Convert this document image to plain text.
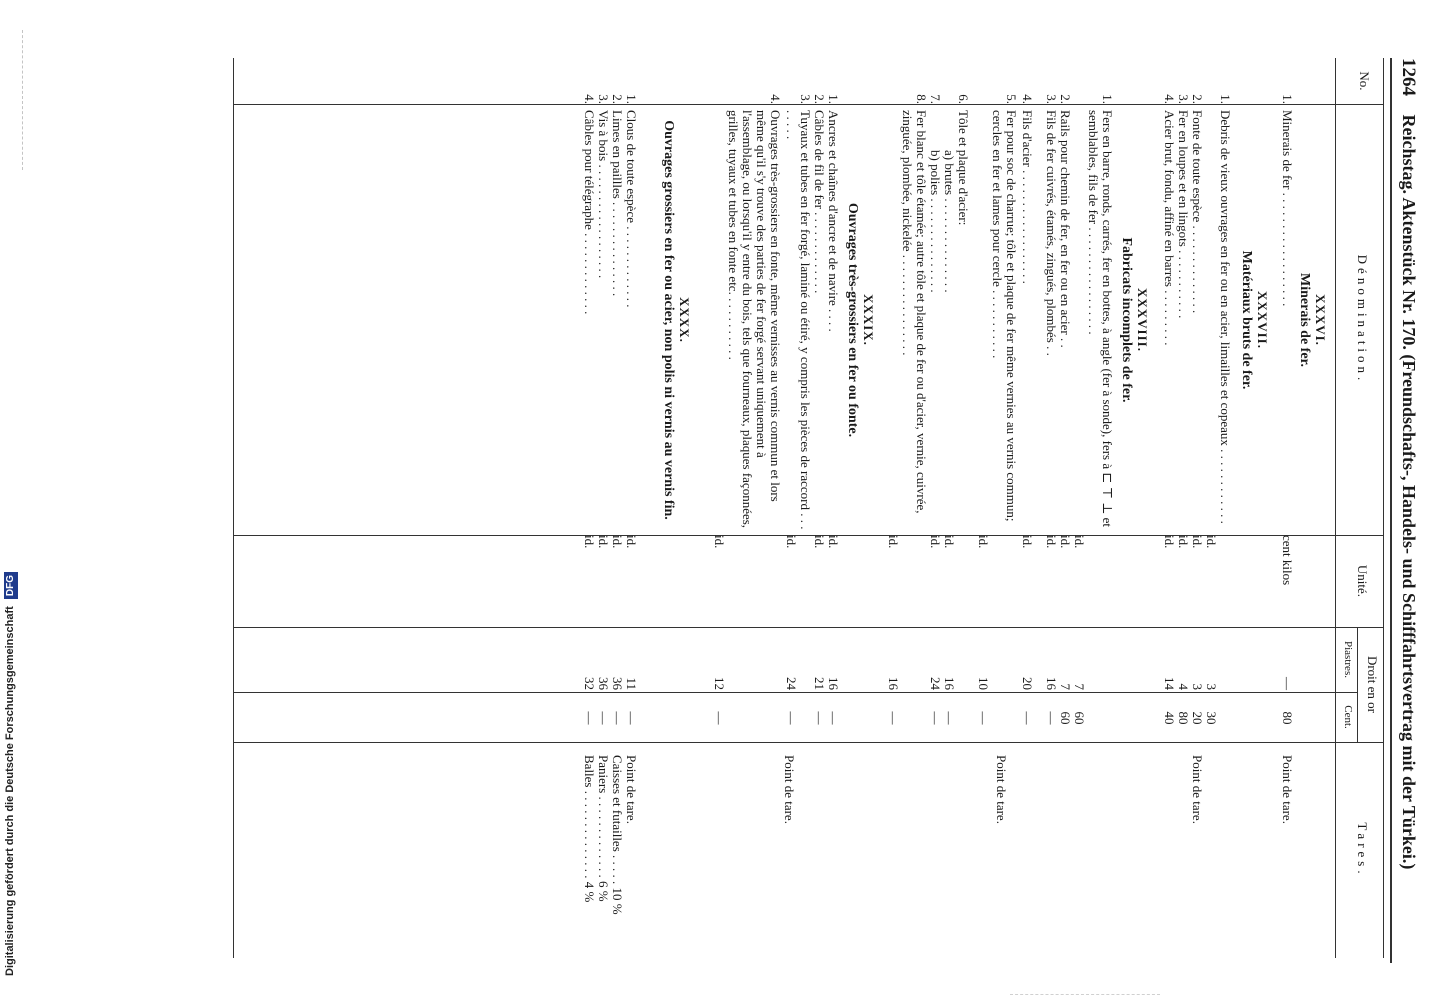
Digitalisierung gefördert durch die Deutsche Forschungsgemeinschaft DFG
1264 Reichstag. Aktenstück Nr. 170. (Freundschafts-, Handels- und Schifffahrtsvertrag mit der Türkei.)
No.
Dénomination.
Unité.
Droit en or
Piastres.
Cent.
Tares.
XXXVI.
Minerais de fer.
1.
Minerais de fer . . . . . . . . . . . . . . . . . .
cent kilos
—
80
Point de tare.
XXXVII.
Matériaux bruts de fer.
1.
Debris de vieux ouvrages en fer ou en acier, limailles et copeaux . . . . . . . . . . . .
id.
3
30
2.
Fonte de toute espèce . . . . . . . . . . . . . .
id.
3
20
Point de tare.
3.
Fer en loupes et en lingots . . . . . . . . . . .
id.
4
80
4.
Acier brut, fondu, affiné en barres . . . . . . . . .
id.
14
40
XXXVIII.
Fabricats incomplets de fer.
1.
Fers en barre, ronds, carrés, fer en bottes, à angle (fer à sonde), fers à ⊏ ⊤ ⊥ et semblables, fils de fer . . . . . . . . . . . . . . . . .
id.
7
60
2.
Rails pour chemin de fer, en fer ou en acier . .
id.
7
60
3.
Fils de fer cuivrés, étamés, zingués, plombés . .
id.
16
—
4.
Fils d'acier . . . . . . . . . . . . . . . . . .
id.
20
—
5.
Fer pour soc de charrue; tôle et plaque de fer même vernies au vernis commun; cercles en fer et lames pour cercle . . . . . . . . . . .
id.
10
—
Point de tare.
6.
Tôle et plaque d'acier:
a) brutes . . . . . . . . . . . . . . .
id.
16
—
7.
b) polies . . . . . . . . . . . . . . .
id.
24
—
8.
Fer blanc et tôle étamée; autre tôle et plaque de fer ou d'acier, vernie, cuivrée, zinguée, plombée, nickelée . . . . . . . . . . . . . . . .
id.
16
—
XXXIX.
Ouvrages très-grossiers en fer ou fonte.
1.
Ancres et chaînes d'ancre et de navire . . . .
id.
16
—
2.
Câbles de fil de fer . . . . . . . . . . . . .
id.
21
—
3.
Tuyaux et tubes en fer forgé, laminé ou étiré, y compris les pièces de raccord . . . . . . . .
id.
24
—
Point de tare.
4.
Ouvrages très-grossiers en fonte, même vernisses au vernis commun et lors même qu'il s'y trouve des parties de fer forgé servant uniquement à l'assemblage, ou lorsqu'il y entre du bois, tels que fourneaux, plaques façonnées, grilles, tuyaux et tubes en fonte etc. . . . . . . . . . .
id.
12
—
XXXX.
Ouvrages grossiers en fer ou acier, non polis ni vernis au vernis fin.
1.
Clous de toute espèce . . . . . . . . . . . . .
id.
11
—
Point de tare.
2.
Limes en paillles . . . . . . . . . . . . . . .
id.
36
—
Caisses et futailles . . . . . 10 %
3.
Vis à bois . . . . . . . . . . . . . . . . . .
id.
36
—
Paniers . . . . . . . . . . . . . 6 %
4.
Câbles pour télégraphe . . . . . . . . . . . . .
id.
32
—
Balles . . . . . . . . . . . . . . 4 %
